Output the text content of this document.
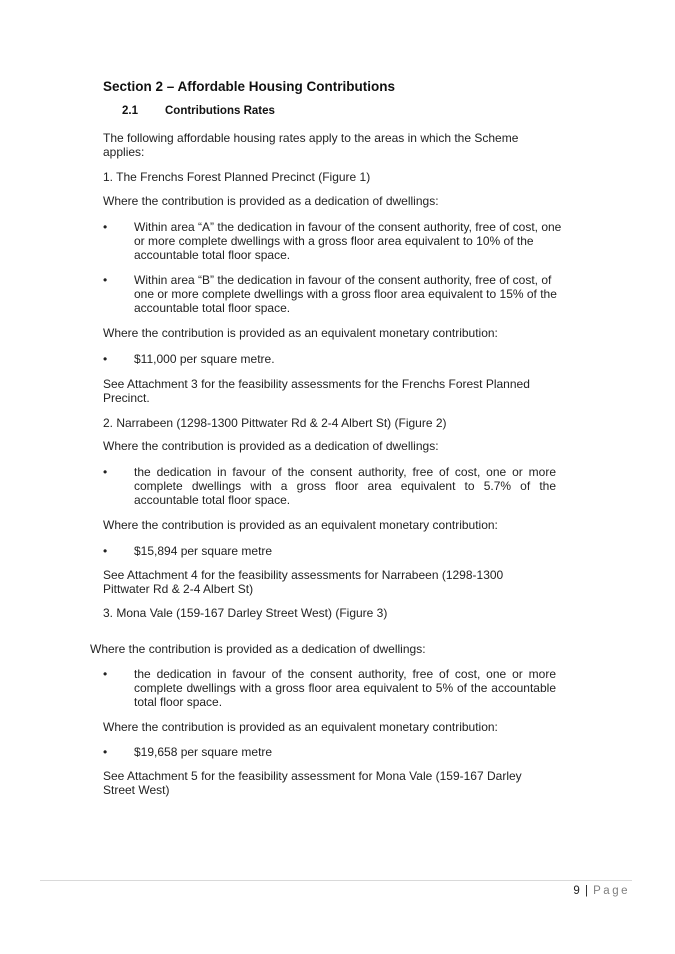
Section 2 – Affordable Housing Contributions
2.1 Contributions Rates

The following affordable housing rates apply to the areas in which the Scheme applies:

1. The Frenchs Forest Planned Precinct (Figure 1)

Where the contribution is provided as a dedication of dwellings:

• Within area “A” the dedication in favour of the consent authority, free of cost, one or more complete dwellings with a gross floor area equivalent to 10% of the accountable total floor space.
• Within area “B” the dedication in favour of the consent authority, free of cost, of one or more complete dwellings with a gross floor area equivalent to 15% of the accountable total floor space.

Where the contribution is provided as an equivalent monetary contribution:

• $11,000 per square metre.

See Attachment 3 for the feasibility assessments for the Frenchs Forest Planned Precinct.

2. Narrabeen (1298-1300 Pittwater Rd & 2-4 Albert St) (Figure 2)

Where the contribution is provided as a dedication of dwellings:

• the dedication in favour of the consent authority, free of cost, one or more complete dwellings with a gross floor area equivalent to 5.7% of the accountable total floor space.

Where the contribution is provided as an equivalent monetary contribution:

• $15,894 per square metre

See Attachment 4 for the feasibility assessments for Narrabeen (1298-1300 Pittwater Rd & 2-4 Albert St)

3. Mona Vale (159-167 Darley Street West) (Figure 3)

Where the contribution is provided as a dedication of dwellings:

• the dedication in favour of the consent authority, free of cost, one or more complete dwellings with a gross floor area equivalent to 5% of the accountable total floor space.

Where the contribution is provided as an equivalent monetary contribution:

• $19,658 per square metre

See Attachment 5 for the feasibility assessment for Mona Vale (159-167 Darley Street West)

9 | Page
